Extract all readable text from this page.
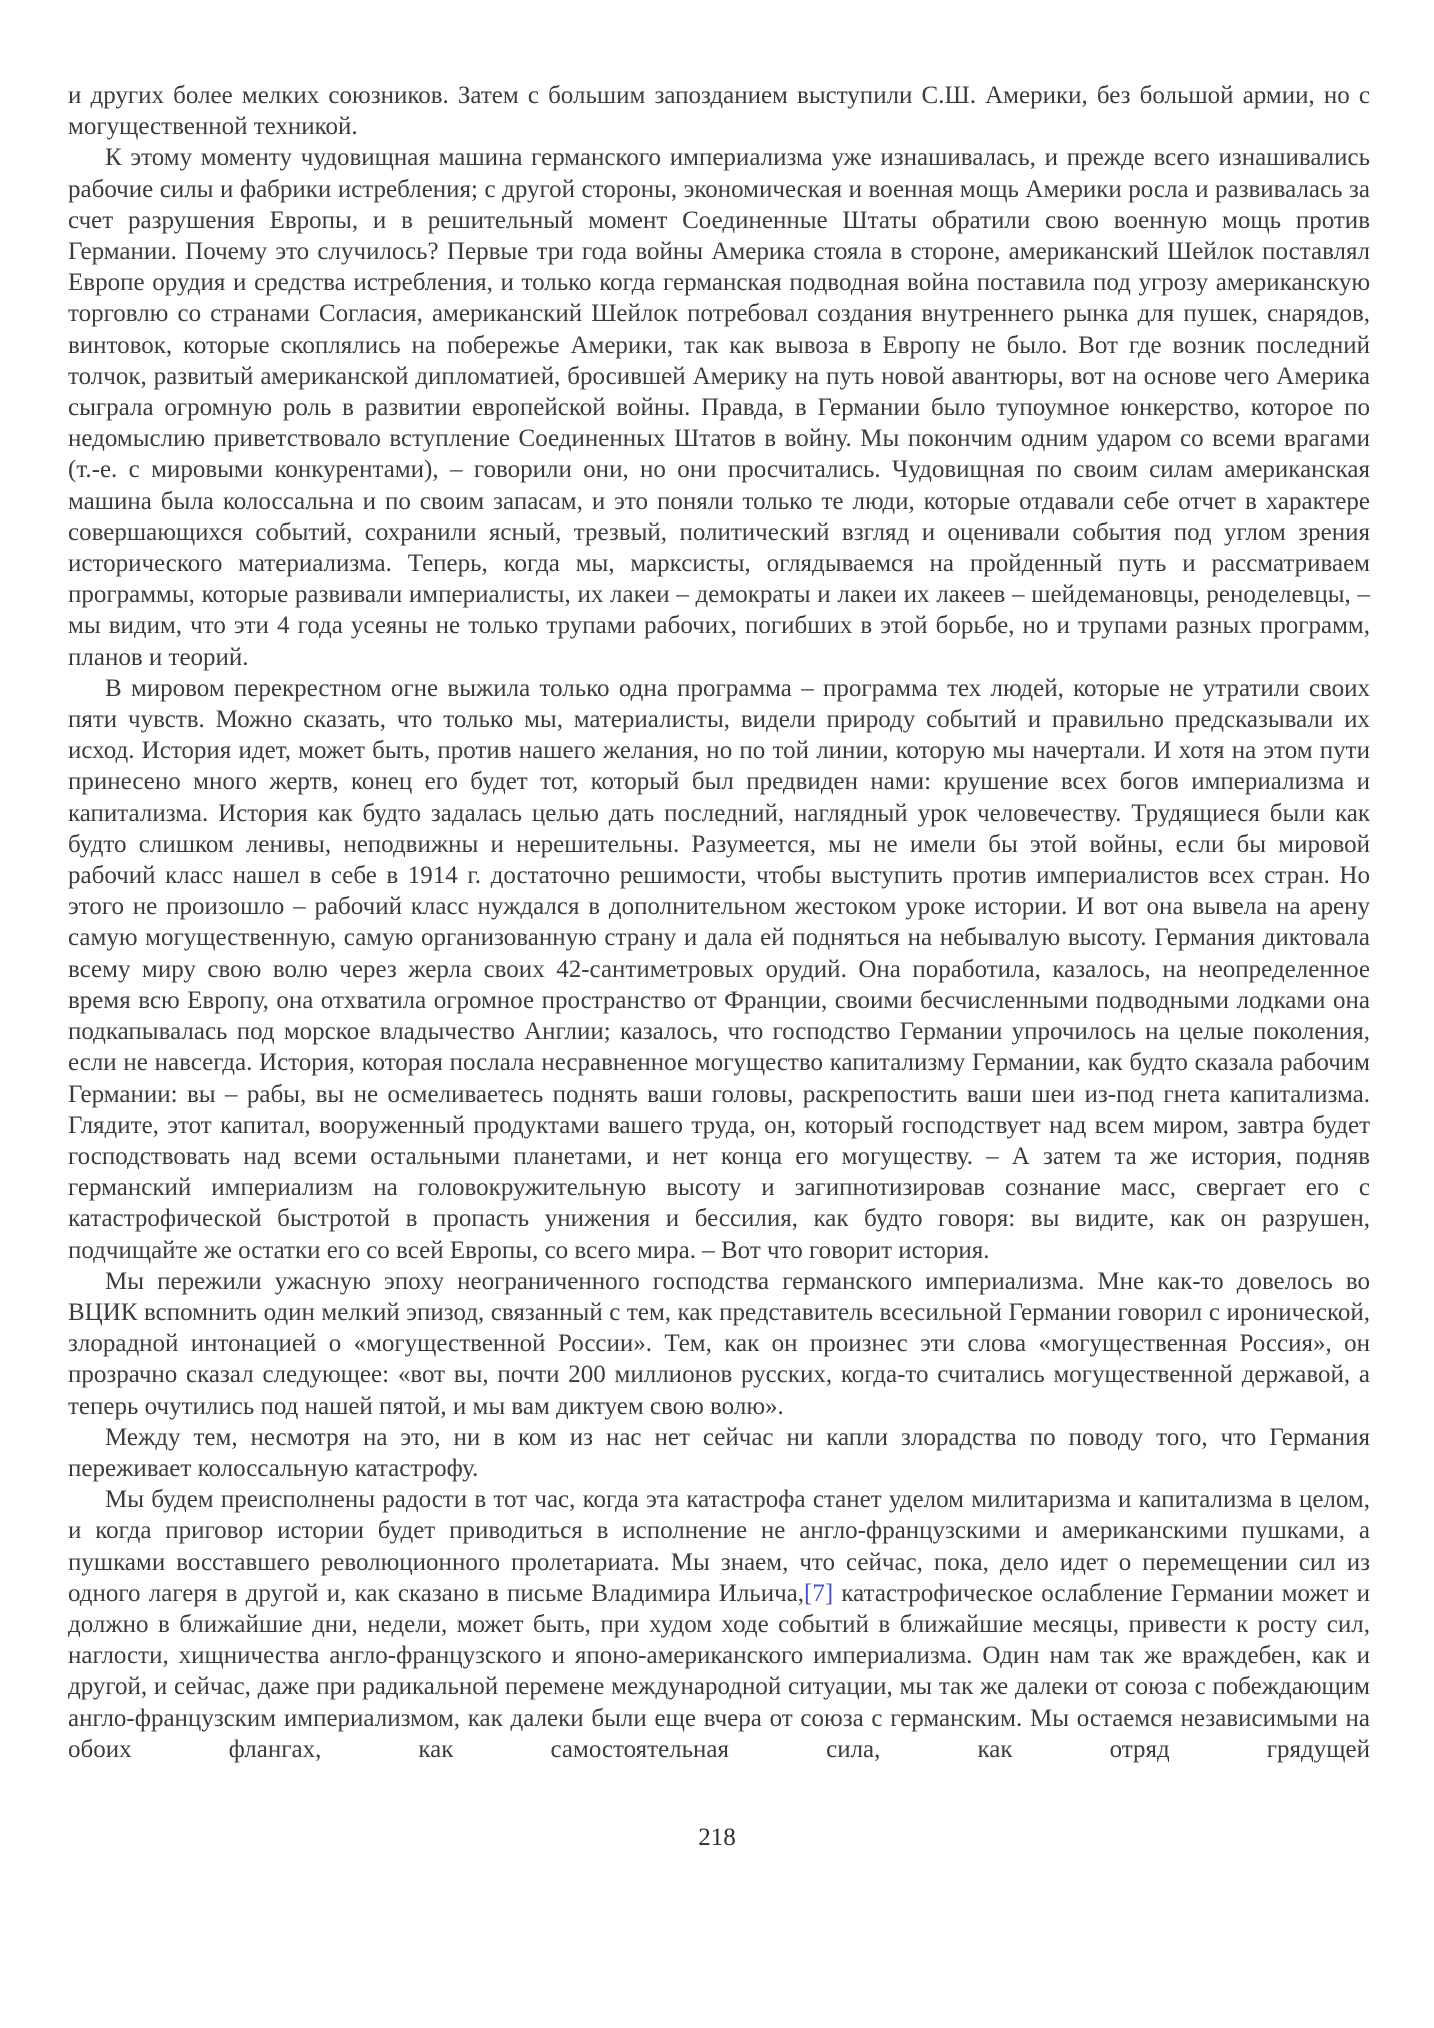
и других более мелких союзников. Затем с большим запозданием выступили С.Ш. Америки, без большой армии, но с могущественной техникой.

К этому моменту чудовищная машина германского империализма уже изнашивалась, и прежде всего изнашивались рабочие силы и фабрики истребления; с другой стороны, экономическая и военная мощь Америки росла и развивалась за счет разрушения Европы, и в решительный момент Соединенные Штаты обратили свою военную мощь против Германии. Почему это случилось? Первые три года войны Америка стояла в стороне, американский Шейлок поставлял Европе орудия и средства истребления, и только когда германская подводная война поставила под угрозу американскую торговлю со странами Согласия, американский Шейлок потребовал создания внутреннего рынка для пушек, снарядов, винтовок, которые скоплялись на побережье Америки, так как вывоза в Европу не было. Вот где возник последний толчок, развитый американской дипломатией, бросившей Америку на путь новой авантюры, вот на основе чего Америка сыграла огромную роль в развитии европейской войны. Правда, в Германии было тупоумное юнкерство, которое по недомыслию приветствовало вступление Соединенных Штатов в войну. Мы покончим одним ударом со всеми врагами (т.-е. с мировыми конкурентами), – говорили они, но они просчитались. Чудовищная по своим силам американская машина была колоссальна и по своим запасам, и это поняли только те люди, которые отдавали себе отчет в характере совершающихся событий, сохранили ясный, трезвый, политический взгляд и оценивали события под углом зрения исторического материализма. Теперь, когда мы, марксисты, оглядываемся на пройденный путь и рассматриваем программы, которые развивали империалисты, их лакеи – демократы и лакеи их лакеев – шейдемановцы, реноделевцы, – мы видим, что эти 4 года усеяны не только трупами рабочих, погибших в этой борьбе, но и трупами разных программ, планов и теорий.

В мировом перекрестном огне выжила только одна программа – программа тех людей, которые не утратили своих пяти чувств. Можно сказать, что только мы, материалисты, видели природу событий и правильно предсказывали их исход. История идет, может быть, против нашего желания, но по той линии, которую мы начертали. И хотя на этом пути принесено много жертв, конец его будет тот, который был предвиден нами: крушение всех богов империализма и капитализма. История как будто задалась целью дать последний, наглядный урок человечеству. Трудящиеся были как будто слишком ленивы, неподвижны и нерешительны. Разумеется, мы не имели бы этой войны, если бы мировой рабочий класс нашел в себе в 1914 г. достаточно решимости, чтобы выступить против империалистов всех стран. Но этого не произошло – рабочий класс нуждался в дополнительном жестоком уроке истории. И вот она вывела на арену самую могущественную, самую организованную страну и дала ей подняться на небывалую высоту. Германия диктовала всему миру свою волю через жерла своих 42-сантиметровых орудий. Она поработила, казалось, на неопределенное время всю Европу, она отхватила огромное пространство от Франции, своими бесчисленными подводными лодками она подкапывалась под морское владычество Англии; казалось, что господство Германии упрочилось на целые поколения, если не навсегда. История, которая послала несравненное могущество капитализму Германии, как будто сказала рабочим Германии: вы – рабы, вы не осмеливаетесь поднять ваши головы, раскрепостить ваши шеи из-под гнета капитализма. Глядите, этот капитал, вооруженный продуктами вашего труда, он, который господствует над всем миром, завтра будет господствовать над всеми остальными планетами, и нет конца его могуществу. – А затем та же история, подняв германский империализм на головокружительную высоту и загипнотизировав сознание масс, свергает его с катастрофической быстротой в пропасть унижения и бессилия, как будто говоря: вы видите, как он разрушен, подчищайте же остатки его со всей Европы, со всего мира. – Вот что говорит история.

Мы пережили ужасную эпоху неограниченного господства германского империализма. Мне как-то довелось во ВЦИК вспомнить один мелкий эпизод, связанный с тем, как представитель всесильной Германии говорил с иронической, злорадной интонацией о «могущественной России». Тем, как он произнес эти слова «могущественная Россия», он прозрачно сказал следующее: «вот вы, почти 200 миллионов русских, когда-то считались могущественной державой, а теперь очутились под нашей пятой, и мы вам диктуем свою волю».

Между тем, несмотря на это, ни в ком из нас нет сейчас ни капли злорадства по поводу того, что Германия переживает колоссальную катастрофу.

Мы будем преисполнены радости в тот час, когда эта катастрофа станет уделом милитаризма и капитализма в целом, и когда приговор истории будет приводиться в исполнение не англо-французскими и американскими пушками, а пушками восставшего революционного пролетариата. Мы знаем, что сейчас, пока, дело идет о перемещении сил из одного лагеря в другой и, как сказано в письме Владимира Ильича,[7] катастрофическое ослабление Германии может и должно в ближайшие дни, недели, может быть, при худом ходе событий в ближайшие месяцы, привести к росту сил, наглости, хищничества англо-французского и японо-американского империализма. Один нам так же враждебен, как и другой, и сейчас, даже при радикальной перемене международной ситуации, мы так же далеки от союза с побеждающим англо-французским империализмом, как далеки были еще вчера от союза с германским. Мы остаемся независимыми на обоих флангах, как самостоятельная сила, как отряд грядущей

218
